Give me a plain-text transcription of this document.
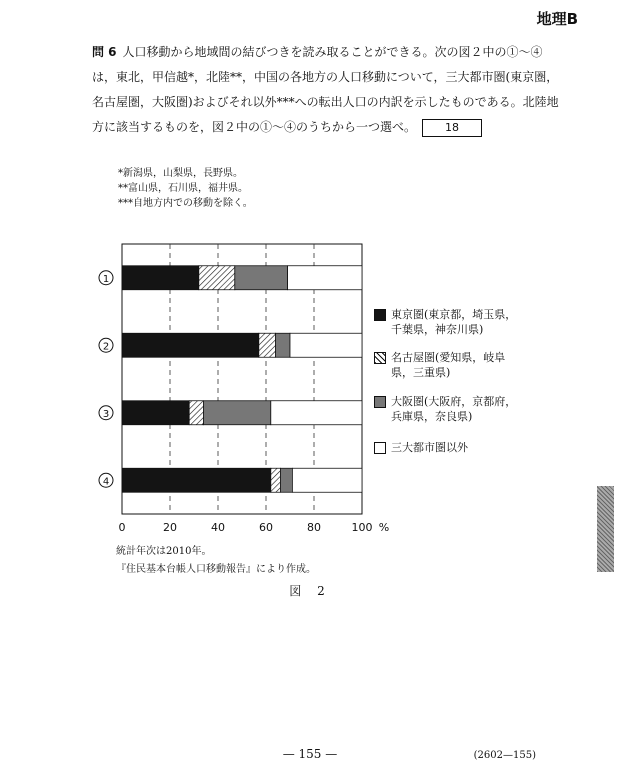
地理B
問 6 人口移動から地域間の結びつきを読み取ることができる。次の図２中の①～④は，東北，甲信越*，北陸**，中国の各地方の人口移動について，三大都市圏(東京圏，名古屋圏，大阪圏)およびそれ以外***への転出人口の内訳を示したものである。北陸地方に該当するものを，図２中の①～④のうちから一つ選べ。	18
*新潟県，山梨県，長野県。
**富山県，石川県，福井県。
***自地方内での移動を除く。
0	20	40	60	80	100 %
1
2
3
4
東京圏(東京都，埼玉県，
千葉県，神奈川県)
名古屋圏(愛知県，岐阜
県，三重県)
大阪圏(大阪府，京都府，
兵庫県，奈良県)
三大都市圏以外
統計年次は2010年。
『住民基本台帳人口移動報告』により作成。
図 2
— 155 —	(2602—155)
